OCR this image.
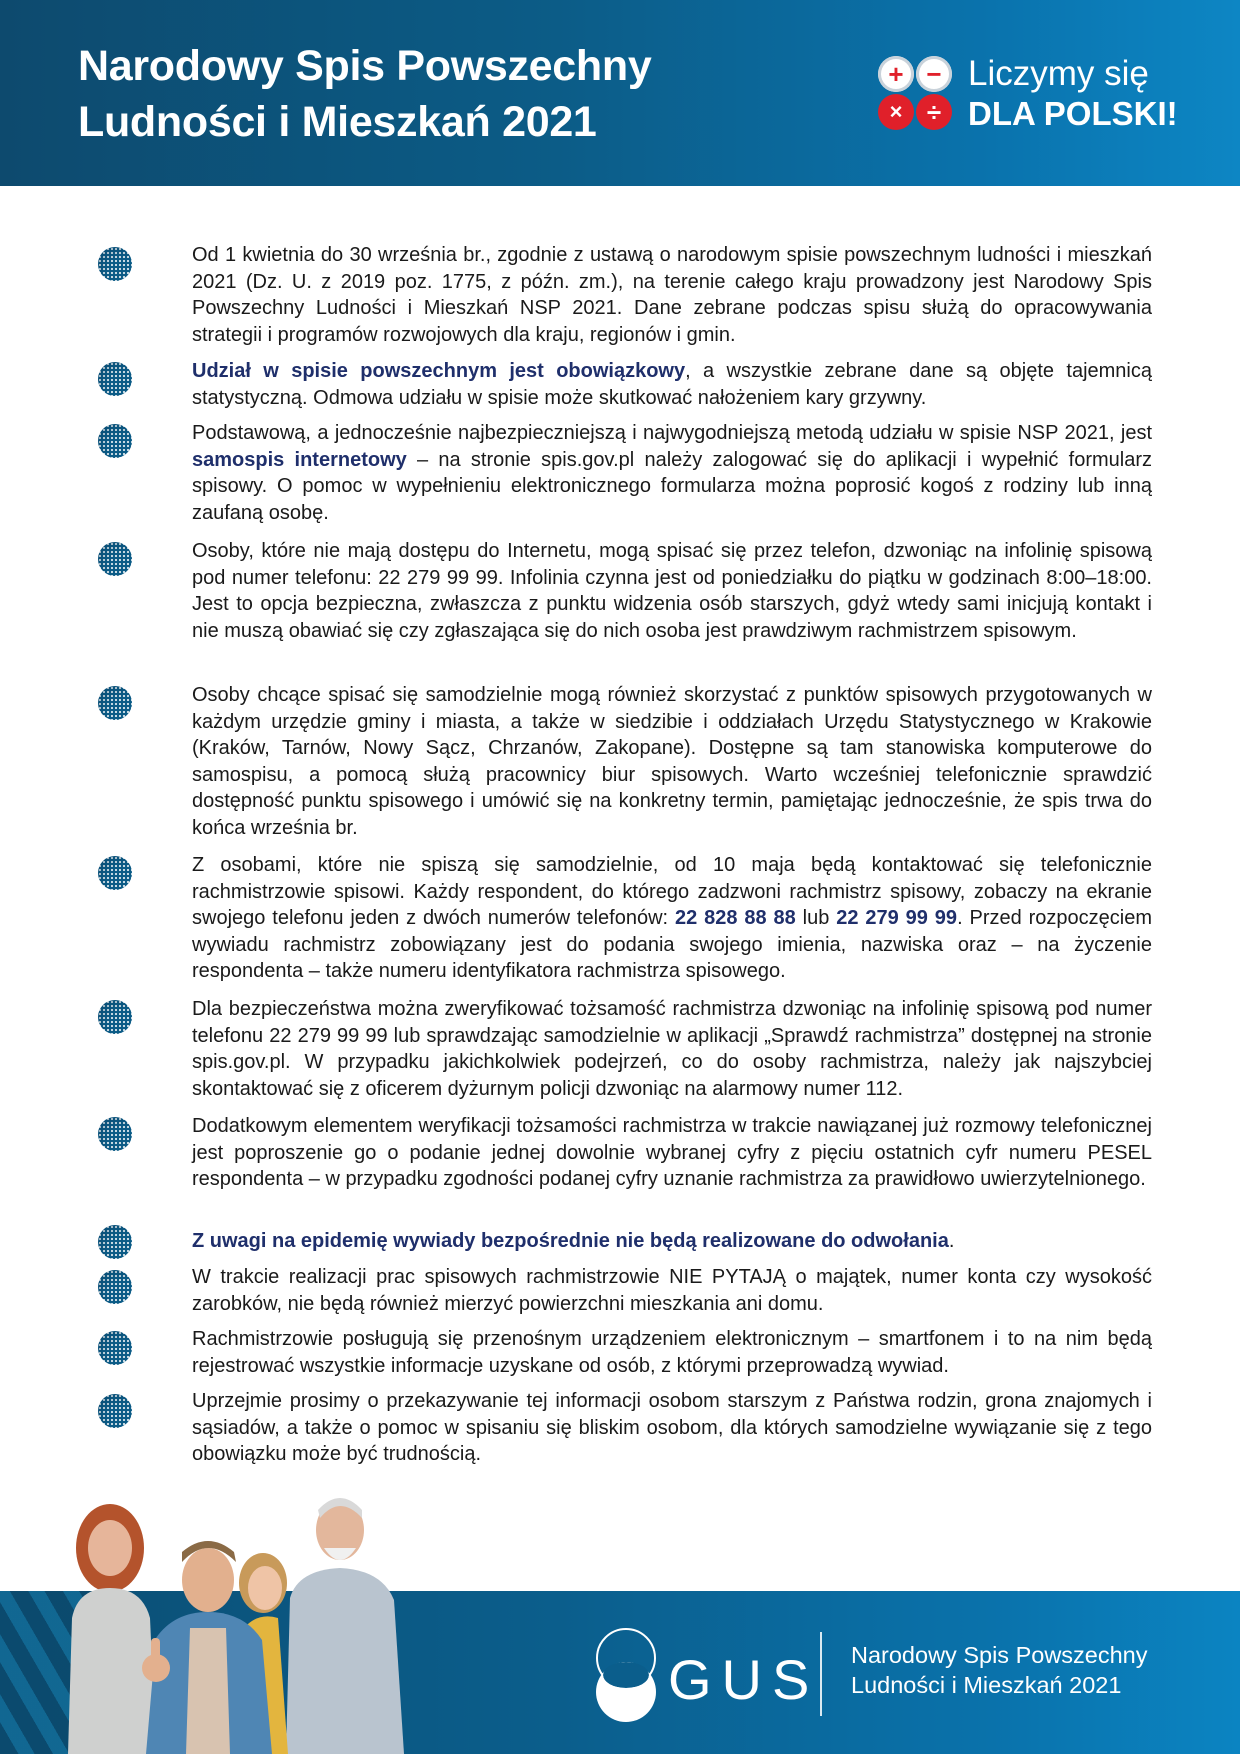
Narodowy Spis Powszechny
Ludności i Mieszkań 2021
+ −
× ÷
Liczymy się
DLA POLSKI!

Od 1 kwietnia do 30 września br., zgodnie z ustawą o narodowym spisie powszechnym ludności i mieszkań 2021 (Dz. U. z 2019 poz. 1775, z późn. zm.), na terenie całego kraju prowadzony jest Narodowy Spis Powszechny Ludności i Mieszkań NSP 2021. Dane zebrane podczas spisu służą do opracowywania strategii i programów rozwojowych dla kraju, regionów i gmin.

Udział w spisie powszechnym jest obowiązkowy, a wszystkie zebrane dane są objęte tajemnicą statystyczną. Odmowa udziału w spisie może skutkować nałożeniem kary grzywny.

Podstawową, a jednocześnie najbezpieczniejszą i najwygodniejszą metodą udziału w spisie NSP 2021, jest samospis internetowy – na stronie spis.gov.pl należy zalogować się do aplikacji i wypełnić formularz spisowy. O pomoc w wypełnieniu elektronicznego formularza można poprosić kogoś z rodziny lub inną zaufaną osobę.

Osoby, które nie mają dostępu do Internetu, mogą spisać się przez telefon, dzwoniąc na infolinię spisową pod numer telefonu: 22 279 99 99. Infolinia czynna jest od poniedziałku do piątku w godzinach 8:00–18:00. Jest to opcja bezpieczna, zwłaszcza z punktu widzenia osób starszych, gdyż wtedy sami inicjują kontakt i nie muszą obawiać się czy zgłaszająca się do nich osoba jest prawdziwym rachmistrzem spisowym.

Osoby chcące spisać się samodzielnie mogą również skorzystać z punktów spisowych przygotowanych w każdym urzędzie gminy i miasta, a także w siedzibie i oddziałach Urzędu Statystycznego w Krakowie (Kraków, Tarnów, Nowy Sącz, Chrzanów, Zakopane). Dostępne są tam stanowiska komputerowe do samospisu, a pomocą służą pracownicy biur spisowych. Warto wcześniej telefonicznie sprawdzić dostępność punktu spisowego i umówić się na konkretny termin, pamiętając jednocześnie, że spis trwa do końca września br.

Z osobami, które nie spiszą się samodzielnie, od 10 maja będą kontaktować się telefonicznie rachmistrzowie spisowi. Każdy respondent, do którego zadzwoni rachmistrz spisowy, zobaczy na ekranie swojego telefonu jeden z dwóch numerów telefonów: 22 828 88 88 lub 22 279 99 99. Przed rozpoczęciem wywiadu rachmistrz zobowiązany jest do podania swojego imienia, nazwiska oraz – na życzenie respondenta – także numeru identyfikatora rachmistrza spisowego.

Dla bezpieczeństwa można zweryfikować tożsamość rachmistrza dzwoniąc na infolinię spisową pod numer telefonu 22 279 99 99 lub sprawdzając samodzielnie w aplikacji „Sprawdź rachmistrza” dostępnej na stronie spis.gov.pl. W przypadku jakichkolwiek podejrzeń, co do osoby rachmistrza, należy jak najszybciej skontaktować się z oficerem dyżurnym policji dzwoniąc na alarmowy numer 112.

Dodatkowym elementem weryfikacji tożsamości rachmistrza w trakcie nawiązanej już rozmowy telefonicznej jest poproszenie go o podanie jednej dowolnie wybranej cyfry z pięciu ostatnich cyfr numeru PESEL respondenta – w przypadku zgodności podanej cyfry uznanie rachmistrza za prawidłowo uwierzytelnionego.

Z uwagi na epidemię wywiady bezpośrednie nie będą realizowane do odwołania.

W trakcie realizacji prac spisowych rachmistrzowie NIE PYTAJĄ o majątek, numer konta czy wysokość zarobków, nie będą również mierzyć powierzchni mieszkania ani domu.

Rachmistrzowie posługują się przenośnym urządzeniem elektronicznym – smartfonem i to na nim będą rejestrować wszystkie informacje uzyskane od osób, z którymi przeprowadzą wywiad.

Uprzejmie prosimy o przekazywanie tej informacji osobom starszym z Państwa rodzin, grona znajomych i sąsiadów, a także o pomoc w spisaniu się bliskim osobom, dla których samodzielne wywiązanie się z tego obowiązku może być trudnością.

GUS Narodowy Spis Powszechny
Ludności i Mieszkań 2021
